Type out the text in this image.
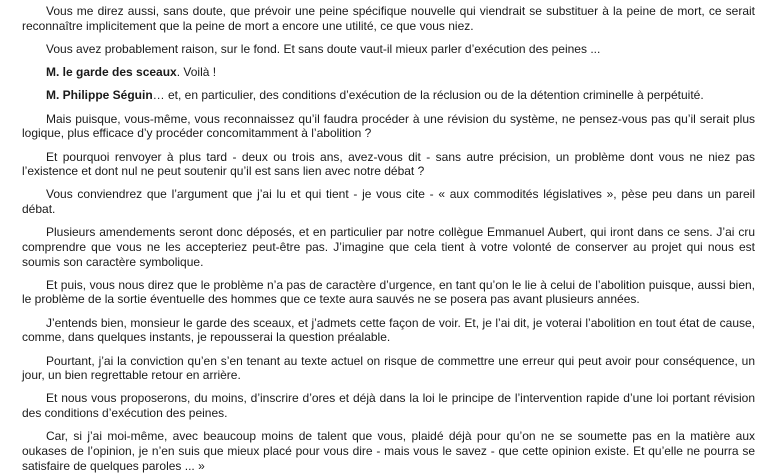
Vous me direz aussi, sans doute, que prévoir une peine spécifique nouvelle qui viendrait se substituer à la peine de mort, ce serait reconnaître implicitement que la peine de mort a encore une utilité, ce que vous niez.

Vous avez probablement raison, sur le fond. Et sans doute vaut-il mieux parler d’exécution des peines ...

M. le garde des sceaux. Voilà !

M. Philippe Séguin… et, en particulier, des conditions d’exécution de la réclusion ou de la détention criminelle à perpétuité.

Mais puisque, vous-même, vous reconnaissez qu’il faudra procéder à une révision du système, ne pensez-vous pas qu’il serait plus logique, plus efficace d’y procéder concomitamment à l’abolition ?

Et pourquoi renvoyer à plus tard - deux ou trois ans, avez-vous dit - sans autre précision, un problème dont vous ne niez pas l’existence et dont nul ne peut soutenir qu’il est sans lien avec notre débat ?

Vous conviendrez que l’argument que j’ai lu et qui tient - je vous cite - « aux commodités législatives », pèse peu dans un pareil débat.

Plusieurs amendements seront donc déposés, et en particulier par notre collègue Emmanuel Aubert, qui iront dans ce sens. J’ai cru comprendre que vous ne les accepteriez peut-être pas. J’imagine que cela tient à votre volonté de conserver au projet qui nous est soumis son caractère symbolique.

Et puis, vous nous direz que le problème n’a pas de caractère d’urgence, en tant qu’on le lie à celui de l’abolition puisque, aussi bien, le problème de la sortie éventuelle des hommes que ce texte aura sauvés ne se posera pas avant plusieurs années.

J’entends bien, monsieur le garde des sceaux, et j’admets cette façon de voir. Et, je l’ai dit, je voterai l’abolition en tout état de cause, comme, dans quelques instants, je repousserai la question préalable.

Pourtant, j’ai la conviction qu’en s’en tenant au texte actuel on risque de commettre une erreur qui peut avoir pour conséquence, un jour, un bien regrettable retour en arrière.

Et nous vous proposerons, du moins, d’inscrire d’ores et déjà dans la loi le principe de l’intervention rapide d’une loi portant révision des conditions d’exécution des peines.

Car, si j’ai moi-même, avec beaucoup moins de talent que vous, plaidé déjà pour qu’on ne se soumette pas en la matière aux oukases de l’opinion, je n’en suis que mieux placé pour vous dire - mais vous le savez - que cette opinion existe. Et qu’elle ne pourra se satisfaire de quelques paroles ... »
